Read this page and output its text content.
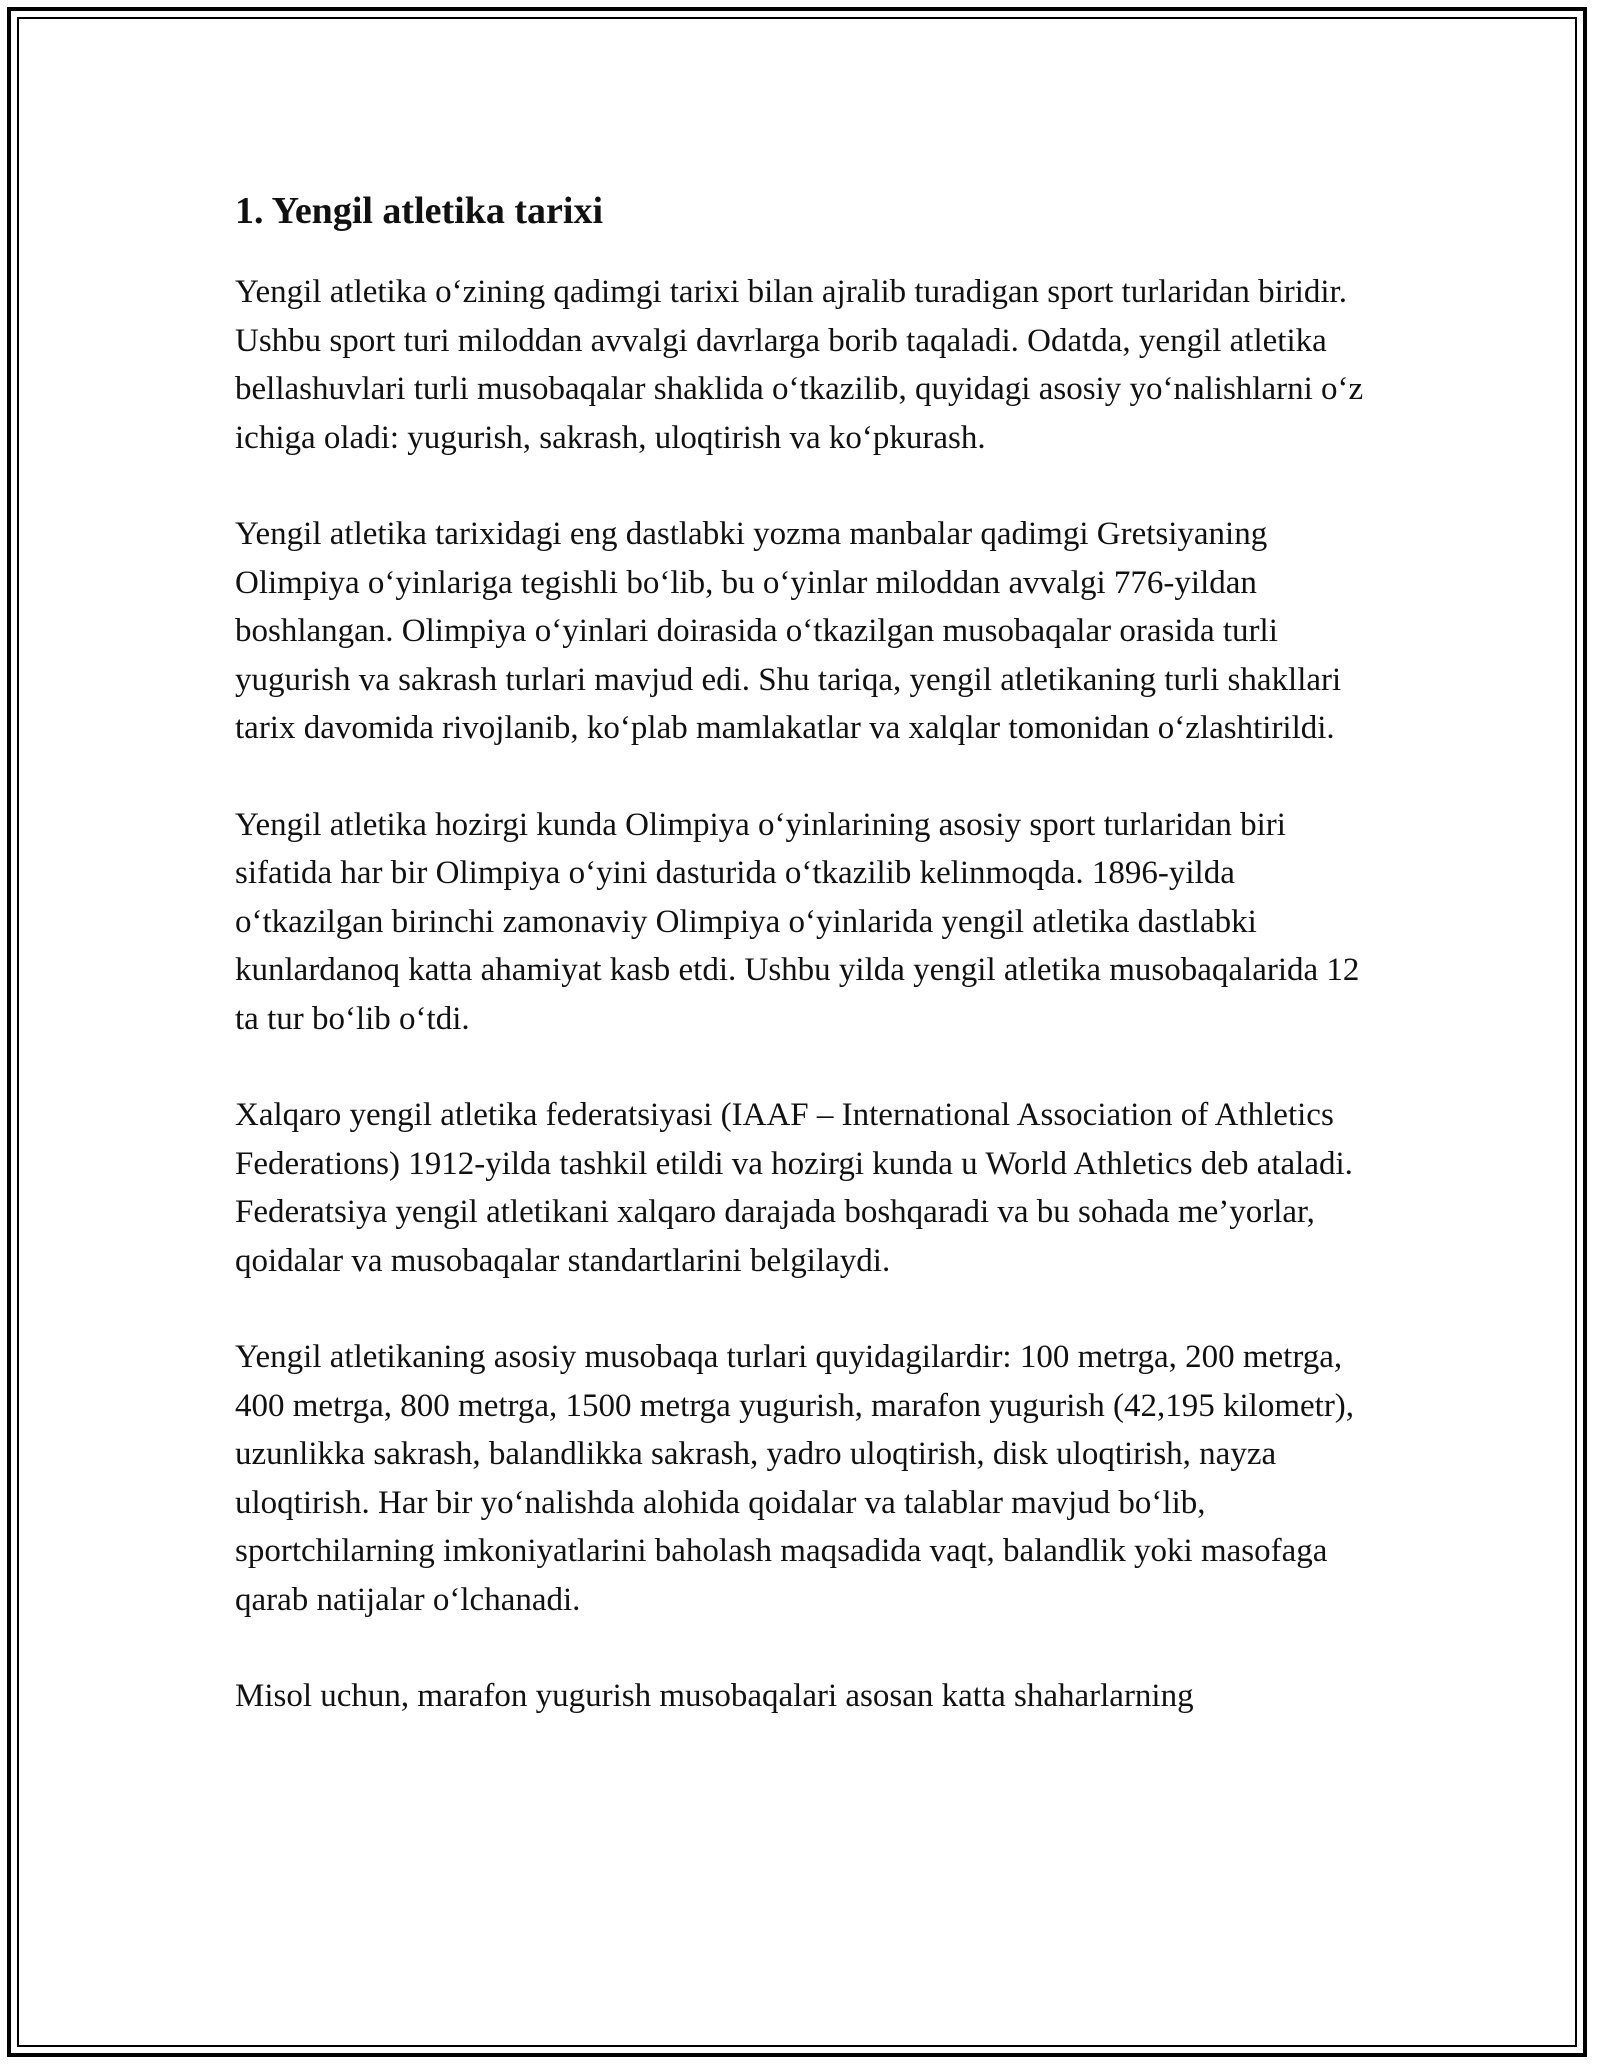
1. Yengil atletika tarixi

Yengil atletika o‘zining qadimgi tarixi bilan ajralib turadigan sport turlaridan biridir. Ushbu sport turi miloddan avvalgi davrlarga borib taqaladi. Odatda, yengil atletika bellashuvlari turli musobaqalar shaklida o‘tkazilib, quyidagi asosiy yo‘nalishlarni o‘z ichiga oladi: yugurish, sakrash, uloqtirish va ko‘pkurash.

Yengil atletika tarixidagi eng dastlabki yozma manbalar qadimgi Gretsiyaning Olimpiya o‘yinlariga tegishli bo‘lib, bu o‘yinlar miloddan avvalgi 776-yildan boshlangan. Olimpiya o‘yinlari doirasida o‘tkazilgan musobaqalar orasida turli yugurish va sakrash turlari mavjud edi. Shu tariqa, yengil atletikaning turli shakllari tarix davomida rivojlanib, ko‘plab mamlakatlar va xalqlar tomonidan o‘zlashtirildi.

Yengil atletika hozirgi kunda Olimpiya o‘yinlarining asosiy sport turlaridan biri sifatida har bir Olimpiya o‘yini dasturida o‘tkazilib kelinmoqda. 1896-yilda o‘tkazilgan birinchi zamonaviy Olimpiya o‘yinlarida yengil atletika dastlabki kunlardanoq katta ahamiyat kasb etdi. Ushbu yilda yengil atletika musobaqalarida 12 ta tur bo‘lib o‘tdi.

Xalqaro yengil atletika federatsiyasi (IAAF – International Association of Athletics Federations) 1912-yilda tashkil etildi va hozirgi kunda u World Athletics deb ataladi. Federatsiya yengil atletikani xalqaro darajada boshqaradi va bu sohada me’yorlar, qoidalar va musobaqalar standartlarini belgilaydi.

Yengil atletikaning asosiy musobaqa turlari quyidagilardir: 100 metrga, 200 metrga, 400 metrga, 800 metrga, 1500 metrga yugurish, marafon yugurish (42,195 kilometr), uzunlikka sakrash, balandlikka sakrash, yadro uloqtirish, disk uloqtirish, nayza uloqtirish. Har bir yo‘nalishda alohida qoidalar va talablar mavjud bo‘lib, sportchilarning imkoniyatlarini baholash maqsadida vaqt, balandlik yoki masofaga qarab natijalar o‘lchanadi.

Misol uchun, marafon yugurish musobaqalari asosan katta shaharlarning
